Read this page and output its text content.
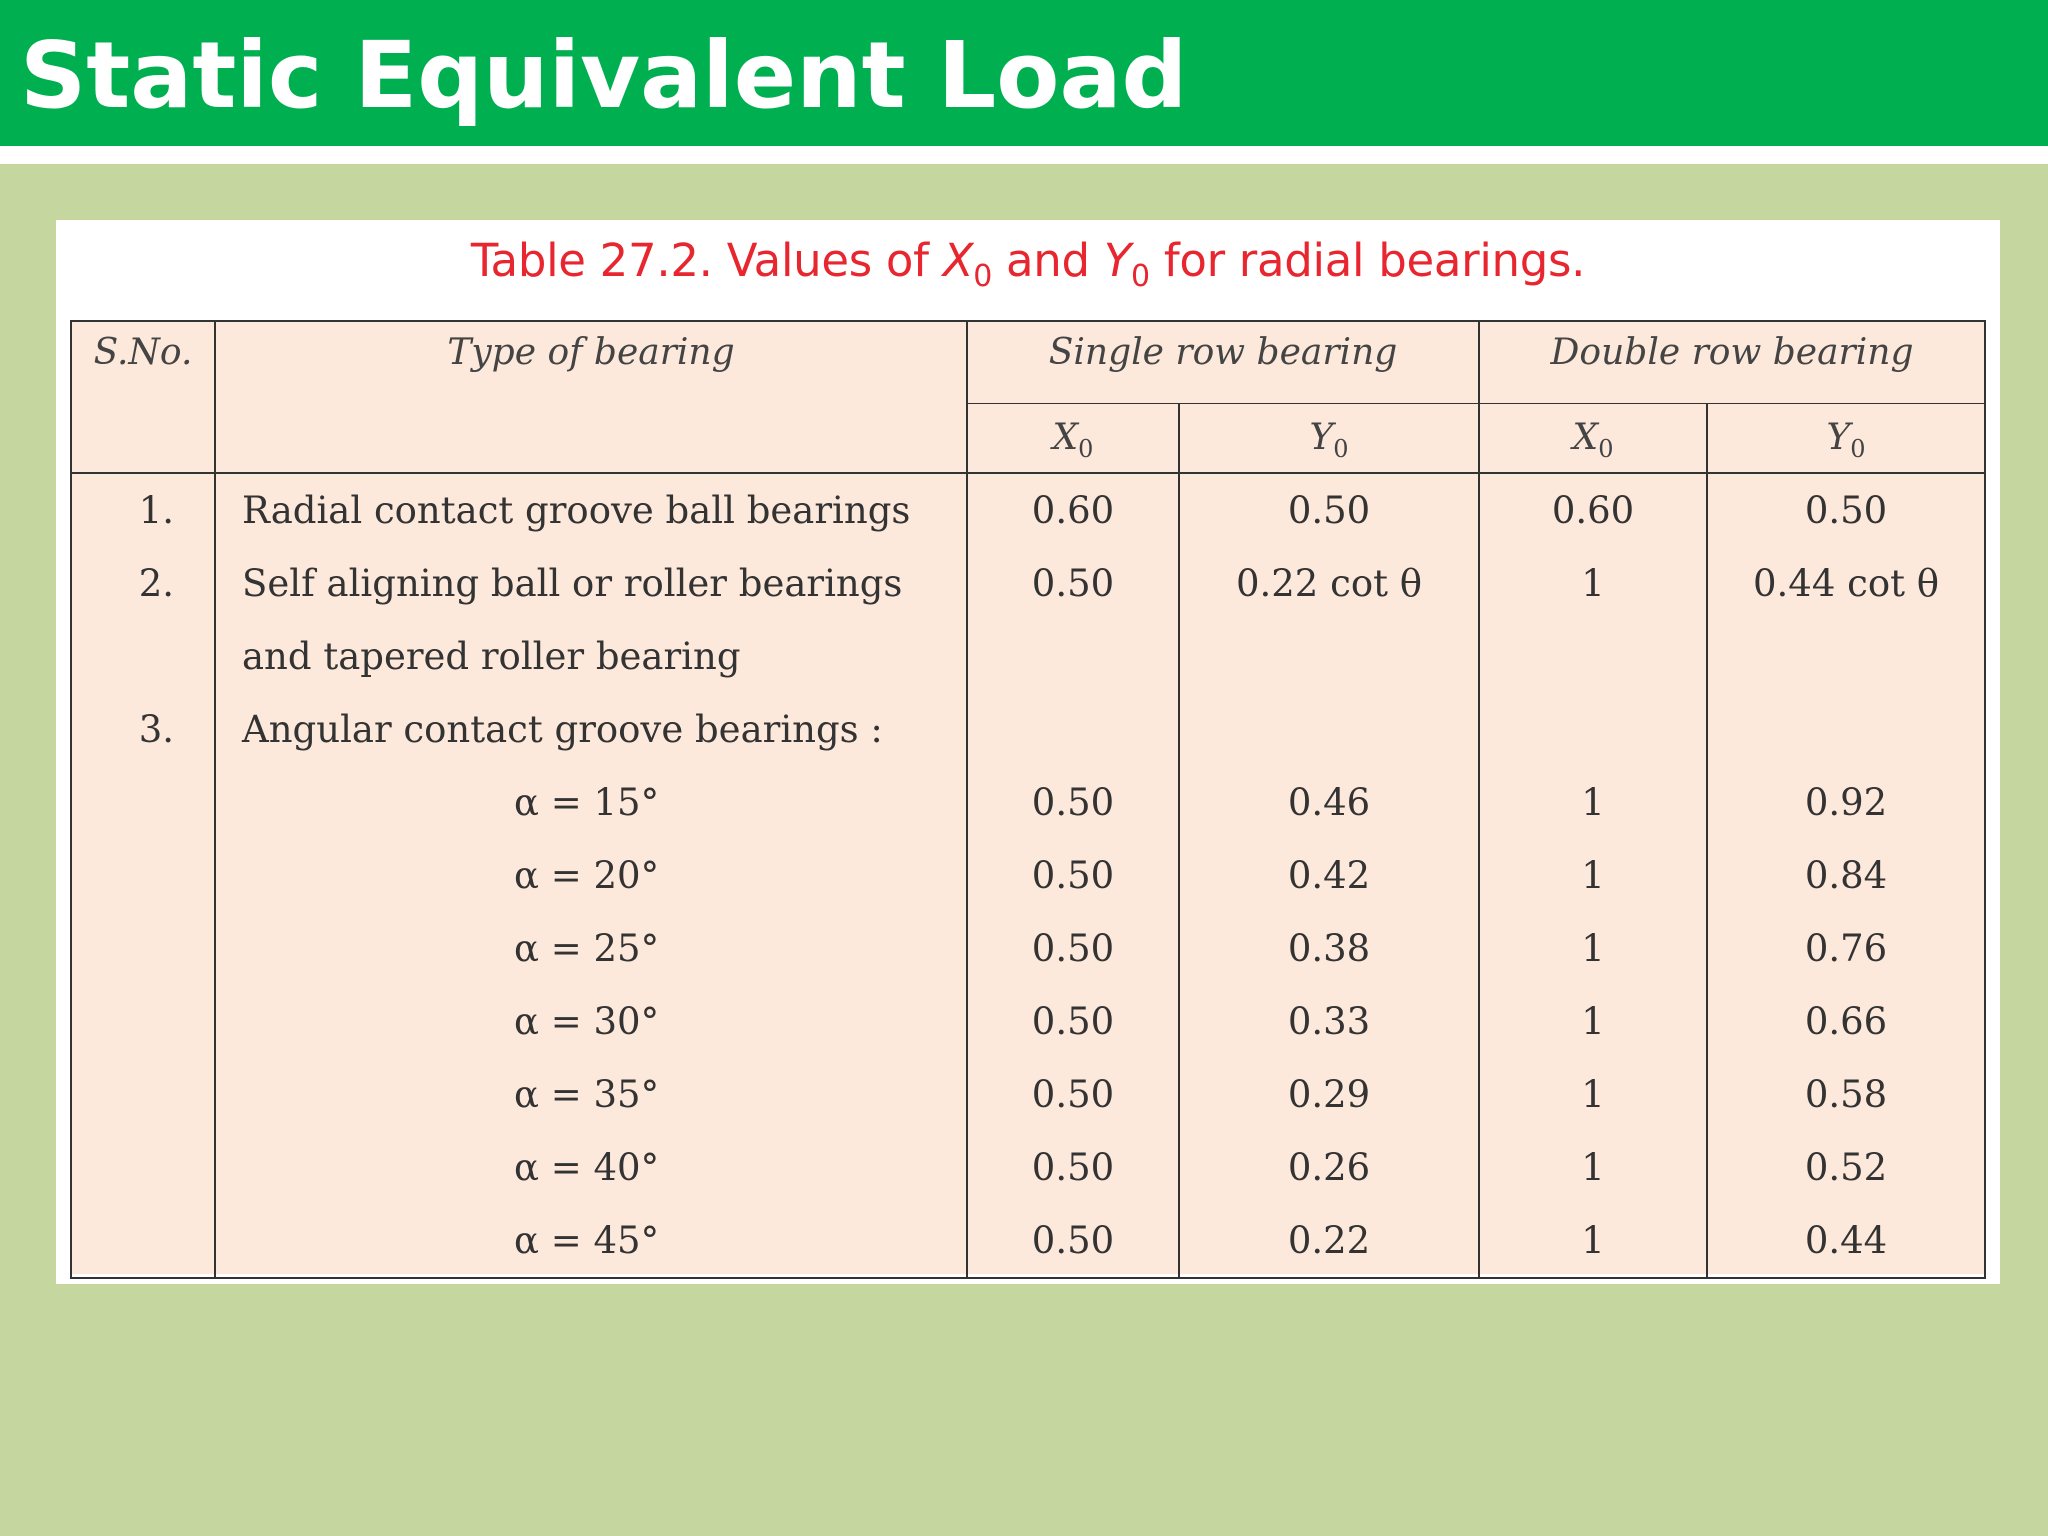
Static Equivalent Load
Table 27.2. Values of $X_0$ and $Y_0$ for radial bearings.
S.No.	Type of bearing	Single row bearing		Double row bearing	
		$X_0$	$Y_0$	$X_0$	$Y_0$
1.	Radial contact groove ball bearings	0.60	0.50	0.60	0.50
2.	Self aligning ball or roller bearings	0.50	0.22 cot θ	1	0.44 cot θ
	and tapered roller bearing				
3.	Angular contact groove bearings :				
	α = 15°	0.50	0.46	1	0.92
	α = 20°	0.50	0.42	1	0.84
	α = 25°	0.50	0.38	1	0.76
	α = 30°	0.50	0.33	1	0.66
	α = 35°	0.50	0.29	1	0.58
	α = 40°	0.50	0.26	1	0.52
	α = 45°	0.50	0.22	1	0.44
